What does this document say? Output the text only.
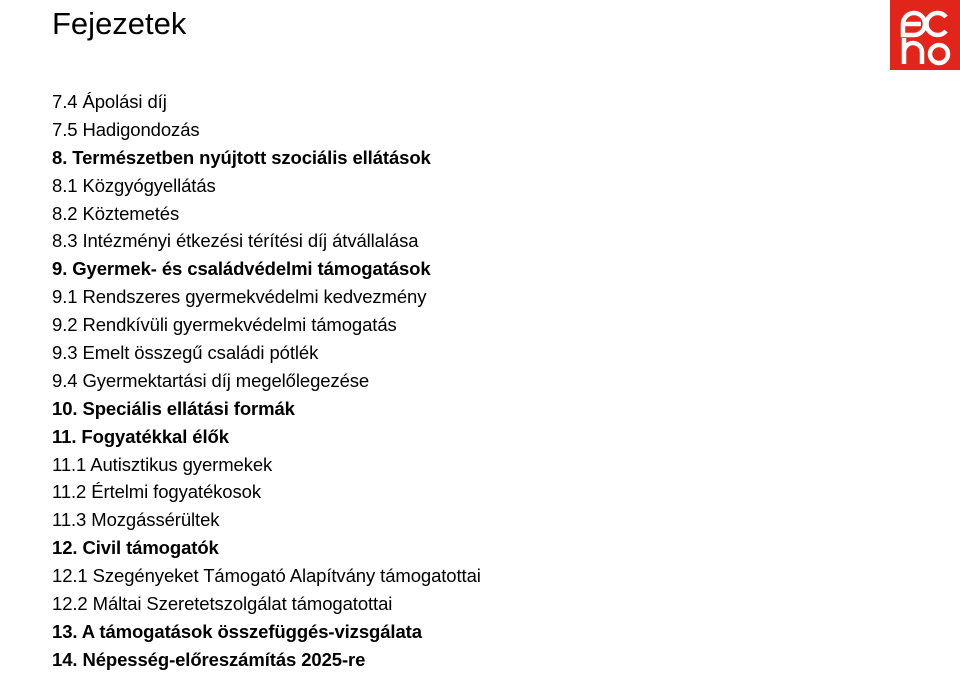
Fejezetek
7.4 Ápolási díj
7.5 Hadigondozás
8. Természetben nyújtott szociális ellátások
8.1 Közgyógyellátás
8.2 Köztemetés
8.3 Intézményi étkezési térítési díj átvállalása
9. Gyermek- és családvédelmi támogatások
9.1 Rendszeres gyermekvédelmi kedvezmény
9.2 Rendkívüli gyermekvédelmi támogatás
9.3 Emelt összegű családi pótlék
9.4 Gyermektartási díj megelőlegezése
10. Speciális ellátási formák
11. Fogyatékkal élők
11.1 Autisztikus gyermekek
11.2 Értelmi fogyatékosok
11.3 Mozgássérültek
12. Civil támogatók
12.1 Szegényeket Támogató Alapítvány támogatottai
12.2 Máltai Szeretetszolgálat támogatottai
13. A támogatások összefüggés-vizsgálata
14. Népesség-előreszámítás 2025-re
